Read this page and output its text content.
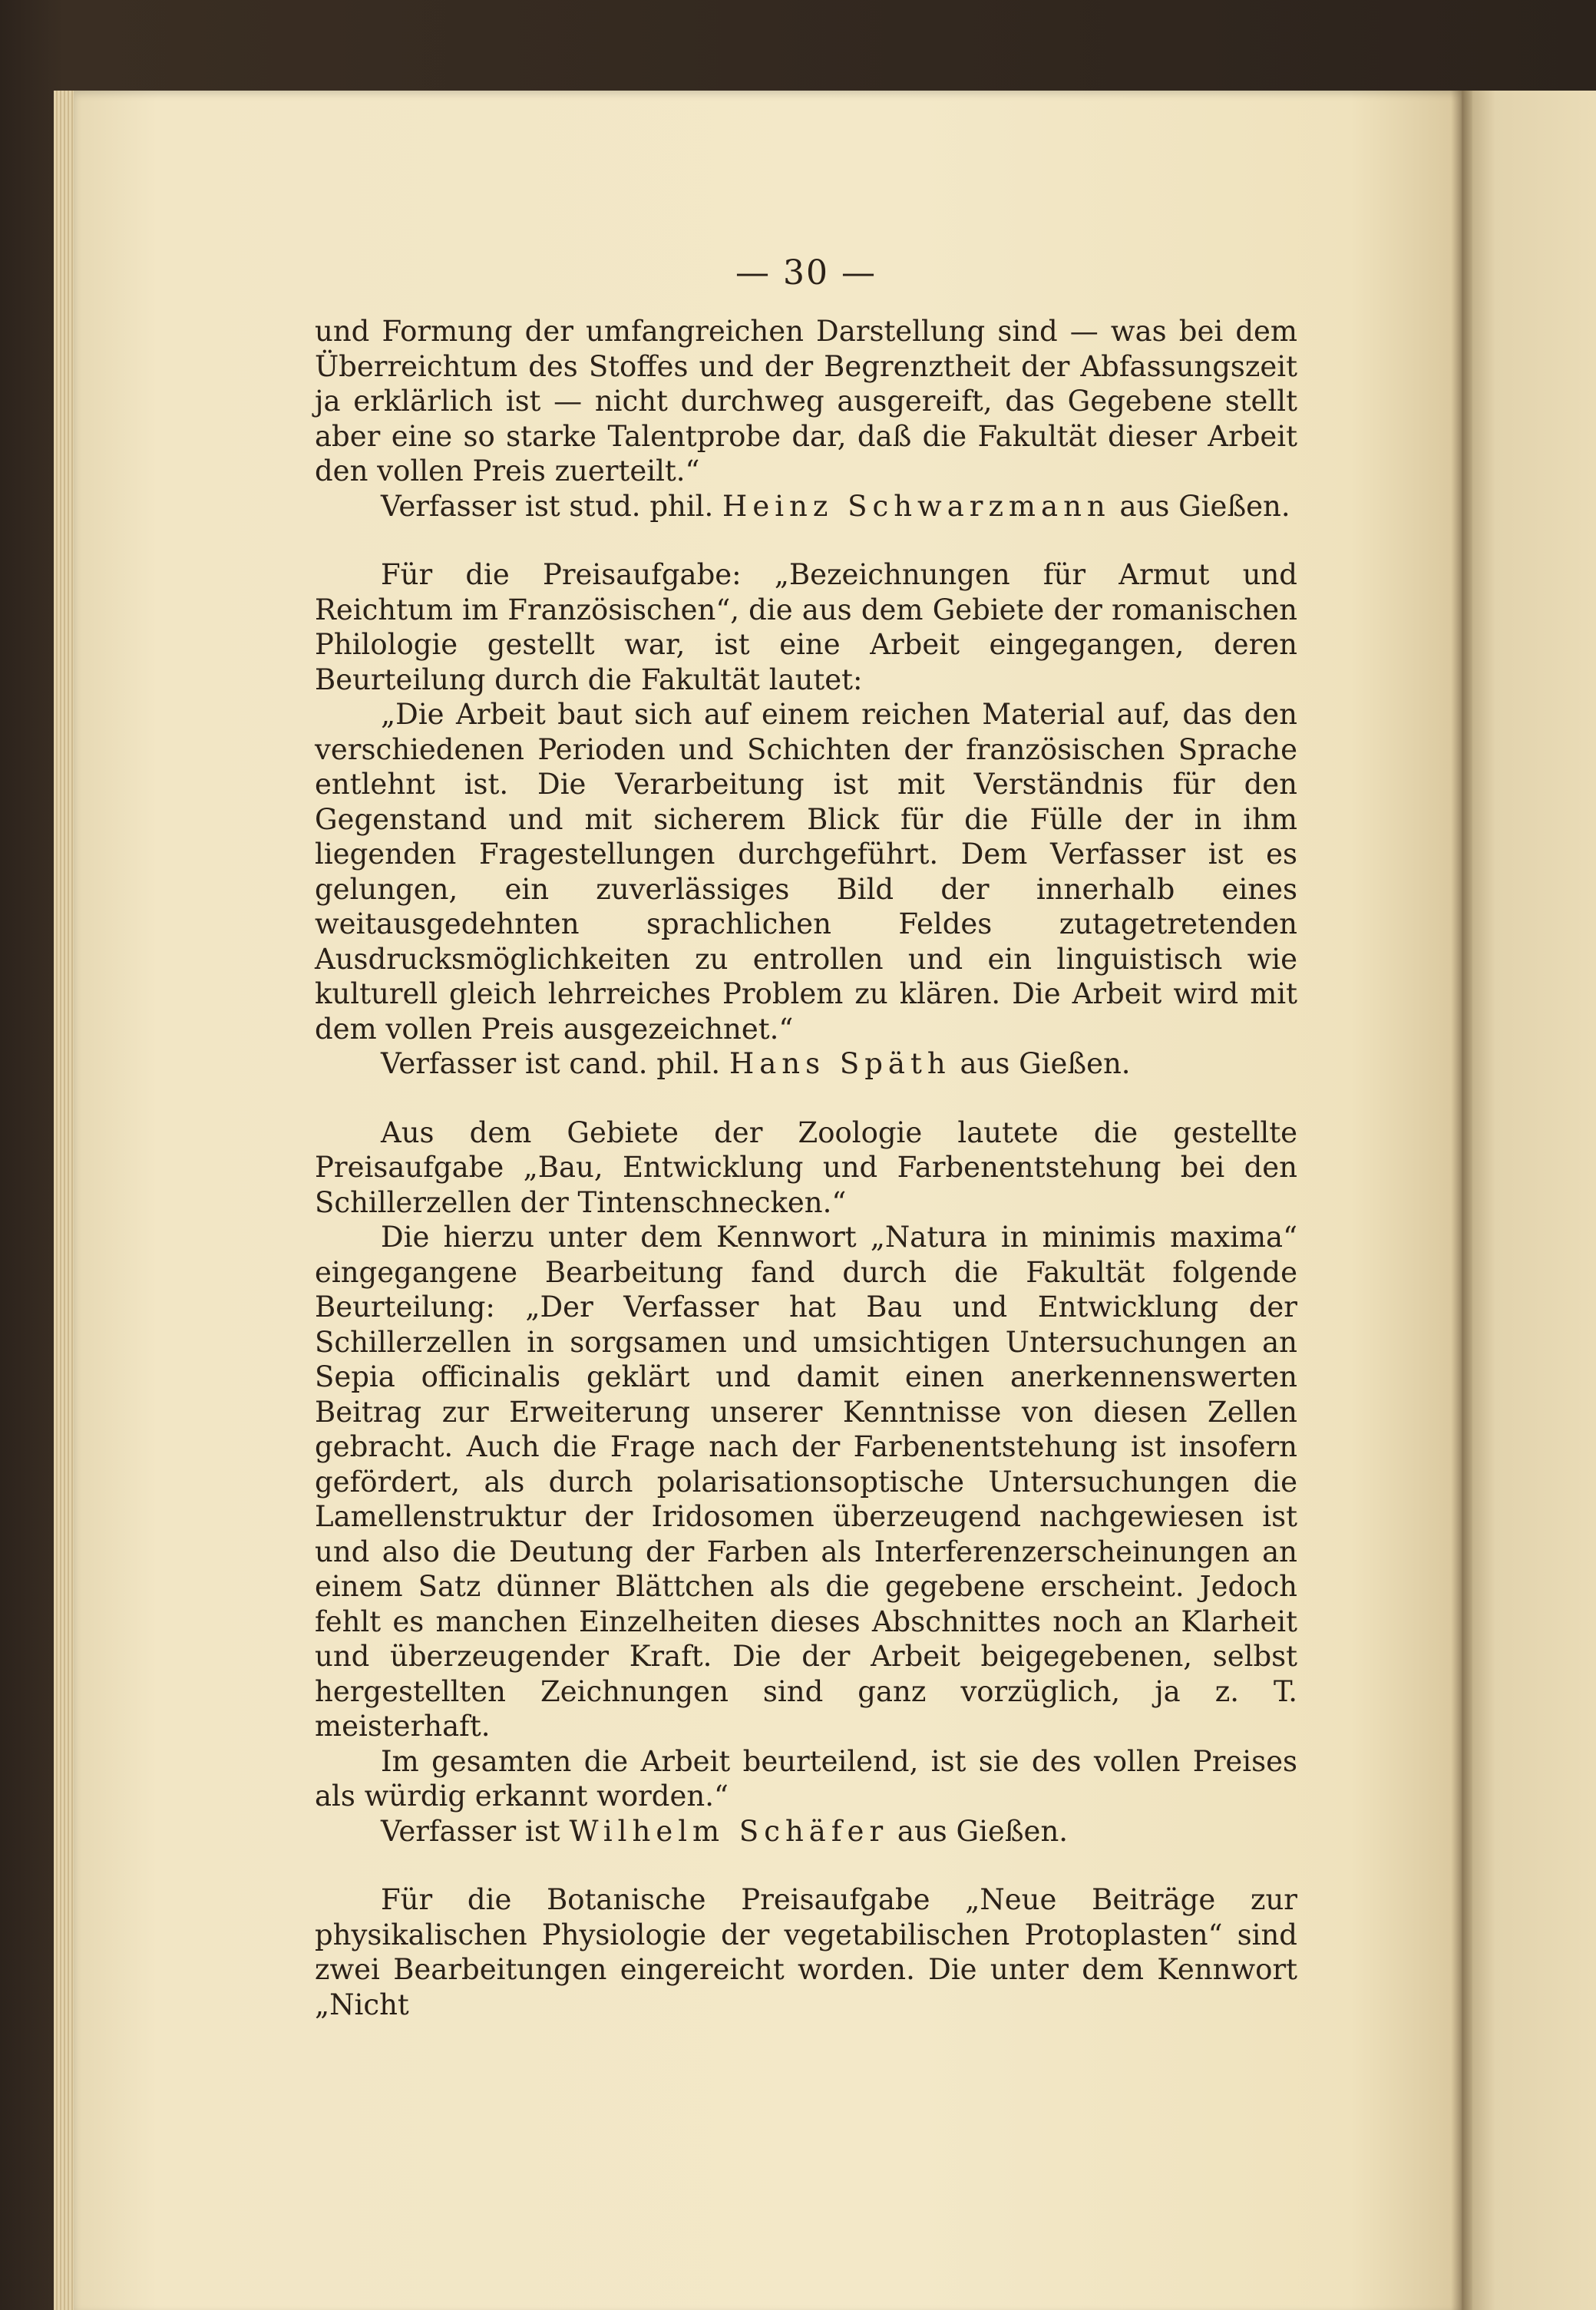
— 30 —

und Formung der umfangreichen Darstellung sind — was bei dem Überreichtum des Stoffes und der Begrenztheit der Abfassungszeit ja erklärlich ist — nicht durchweg ausgereift, das Gegebene stellt aber eine so starke Talentprobe dar, daß die Fakultät dieser Arbeit den vollen Preis zuerteilt.“

Verfasser ist stud. phil. Heinz Schwarzmann aus Gießen.

Für die Preisaufgabe: „Bezeichnungen für Armut und Reichtum im Französischen“, die aus dem Gebiete der romanischen Philologie gestellt war, ist eine Arbeit eingegangen, deren Beurteilung durch die Fakultät lautet:

„Die Arbeit baut sich auf einem reichen Material auf, das den verschiedenen Perioden und Schichten der französischen Sprache entlehnt ist. Die Verarbeitung ist mit Verständnis für den Gegenstand und mit sicherem Blick für die Fülle der in ihm liegenden Fragestellungen durchgeführt. Dem Verfasser ist es gelungen, ein zuverlässiges Bild der innerhalb eines weitausgedehnten sprachlichen Feldes zutagetretenden Ausdrucksmöglichkeiten zu entrollen und ein linguistisch wie kulturell gleich lehrreiches Problem zu klären. Die Arbeit wird mit dem vollen Preis ausgezeichnet.“

Verfasser ist cand. phil. Hans Späth aus Gießen.

Aus dem Gebiete der Zoologie lautete die gestellte Preisaufgabe „Bau, Entwicklung und Farbenentstehung bei den Schillerzellen der Tintenschnecken.“

Die hierzu unter dem Kennwort „Natura in minimis maxima“ eingegangene Bearbeitung fand durch die Fakultät folgende Beurteilung: „Der Verfasser hat Bau und Entwicklung der Schillerzellen in sorgsamen und umsichtigen Untersuchungen an Sepia officinalis geklärt und damit einen anerkennenswerten Beitrag zur Erweiterung unserer Kenntnisse von diesen Zellen gebracht. Auch die Frage nach der Farbenentstehung ist insofern gefördert, als durch polarisationsoptische Untersuchungen die Lamellenstruktur der Iridosomen überzeugend nachgewiesen ist und also die Deutung der Farben als Interferenzerscheinungen an einem Satz dünner Blättchen als die gegebene erscheint. Jedoch fehlt es manchen Einzelheiten dieses Abschnittes noch an Klarheit und überzeugender Kraft. Die der Arbeit beigegebenen, selbst hergestellten Zeichnungen sind ganz vorzüglich, ja z. T. meisterhaft.

Im gesamten die Arbeit beurteilend, ist sie des vollen Preises als würdig erkannt worden.“

Verfasser ist Wilhelm Schäfer aus Gießen.

Für die Botanische Preisaufgabe „Neue Beiträge zur physikalischen Physiologie der vegetabilischen Protoplasten“ sind zwei Bearbeitungen eingereicht worden. Die unter dem Kennwort „Nicht
